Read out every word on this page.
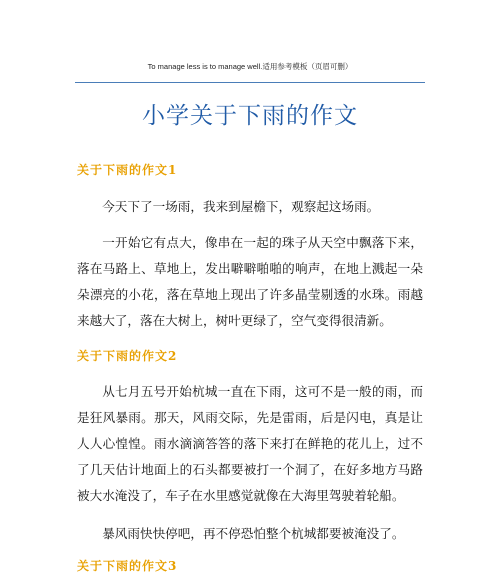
To manage less is to manage well.适用参考模板（页眉可删）
小学关于下雨的作文
关于下雨的作文1

今天下了一场雨，我来到屋檐下，观察起这场雨。

一开始它有点大，像串在一起的珠子从天空中飘落下来，落在马路上、草地上，发出噼噼啪啪的响声，在地上溅起一朵朵漂亮的小花，落在草地上现出了许多晶莹剔透的水珠。雨越来越大了，落在大树上，树叶更绿了，空气变得很清新。

关于下雨的作文2

从七月五号开始杭城一直在下雨，这可不是一般的雨，而是狂风暴雨。那天，风雨交际，先是雷雨，后是闪电，真是让人人心惶惶。雨水滴滴答答的落下来打在鲜艳的花儿上，过不了几天估计地面上的石头都要被打一个洞了，在好多地方马路被大水淹没了，车子在水里感觉就像在大海里驾驶着轮船。

暴风雨快快停吧，再不停恐怕整个杭城都要被淹没了。

关于下雨的作文3
